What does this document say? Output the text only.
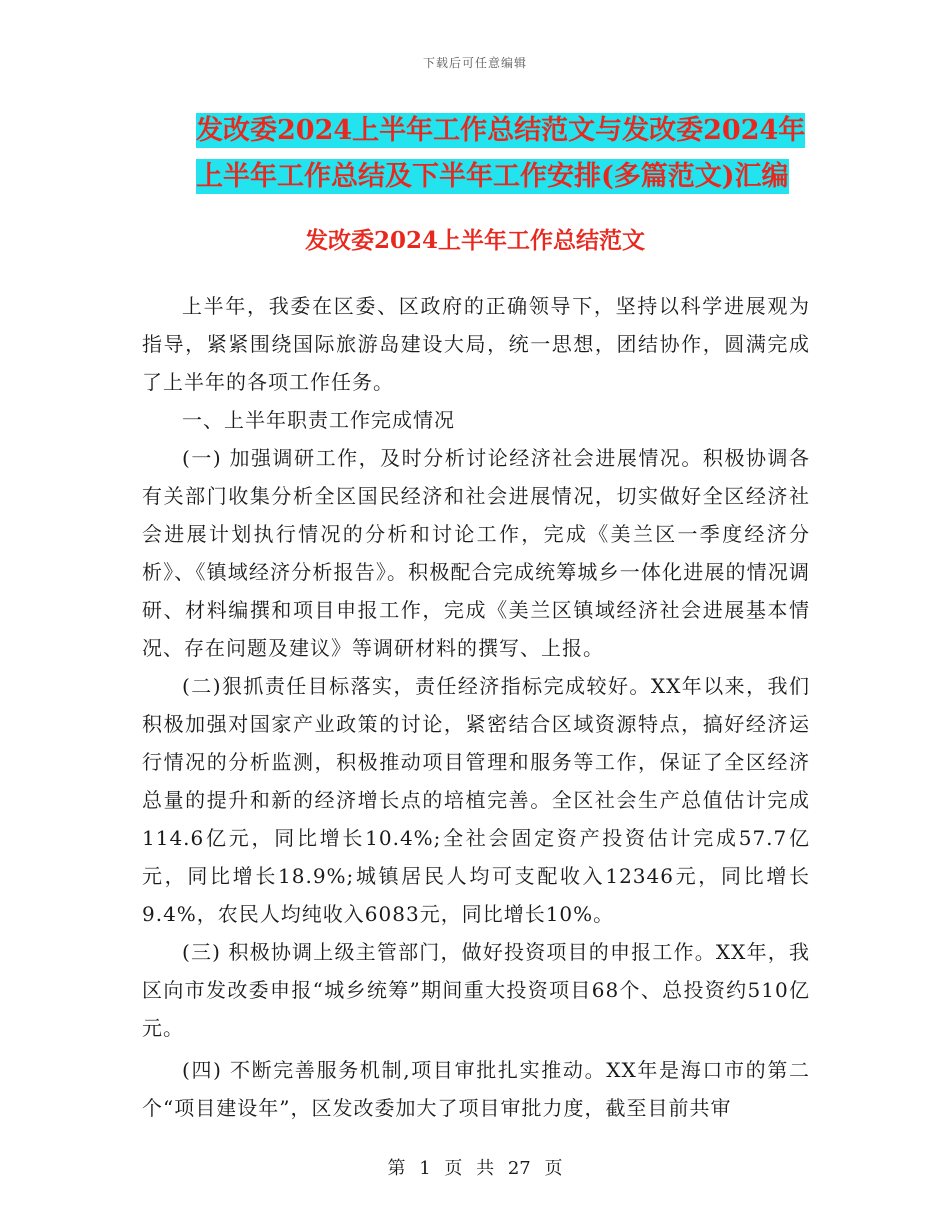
下载后可任意编辑
发改委2024上半年工作总结范文与发改委2024年上半年工作总结及下半年工作安排(多篇范文)汇编
发改委2024上半年工作总结范文

上半年，我委在区委、区政府的正确领导下，坚持以科学进展观为指导，紧紧围绕国际旅游岛建设大局，统一思想，团结协作，圆满完成了上半年的各项工作任务。

一、上半年职责工作完成情况

(一) 加强调研工作，及时分析讨论经济社会进展情况。积极协调各有关部门收集分析全区国民经济和社会进展情况，切实做好全区经济社会进展计划执行情况的分析和讨论工作，完成《美兰区一季度经济分析》、《镇域经济分析报告》。积极配合完成统筹城乡一体化进展的情况调研、材料编撰和项目申报工作，完成《美兰区镇域经济社会进展基本情况、存在问题及建议》等调研材料的撰写、上报。

(二)狠抓责任目标落实，责任经济指标完成较好。XX年以来，我们积极加强对国家产业政策的讨论，紧密结合区域资源特点，搞好经济运行情况的分析监测，积极推动项目管理和服务等工作，保证了全区经济总量的提升和新的经济增长点的培植完善。全区社会生产总值估计完成114.6亿元，同比增长10.4%;全社会固定资产投资估计完成57.7亿元，同比增长18.9%;城镇居民人均可支配收入12346元，同比增长9.4%，农民人均纯收入6083元，同比增长10%。

(三) 积极协调上级主管部门，做好投资项目的申报工作。XX年，我区向市发改委申报“城乡统筹”期间重大投资项目68个、总投资约510亿元。

(四) 不断完善服务机制,项目审批扎实推动。XX年是海口市的第二个“项目建设年”，区发改委加大了项目审批力度，截至目前共审

第 1 页 共 27 页
